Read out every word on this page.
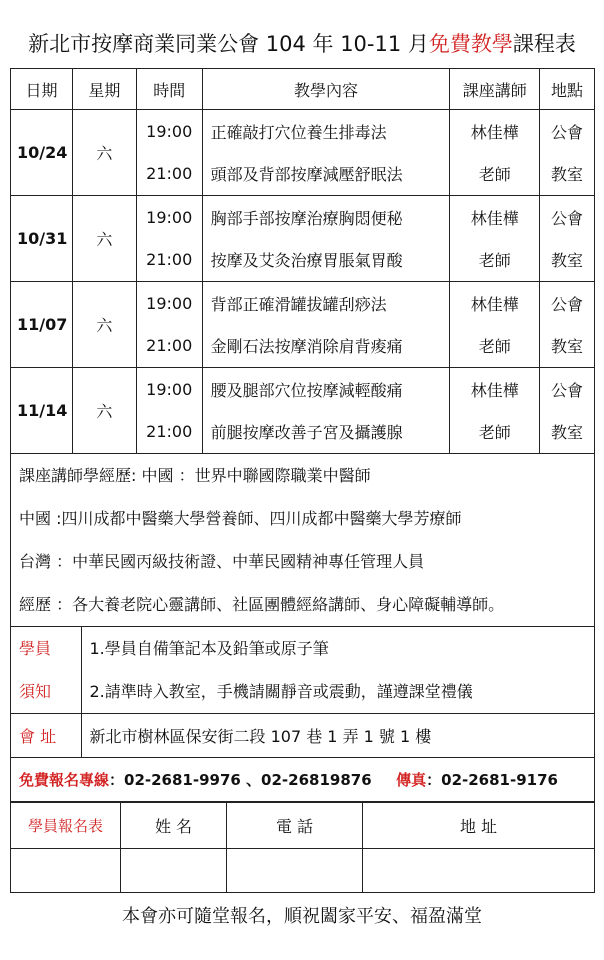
新北市按摩商業同業公會 104 年 10-11 月免費教學課程表
日期	星期	時間	教學內容	課座講師	地點
10/24	六	19:00	正確敲打穴位養生排毒法	林佳樺	公會
21:00	頭部及背部按摩減壓舒眠法	老師	教室
10/31	六	19:00	胸部手部按摩治療胸悶便秘	林佳樺	公會
21:00	按摩及艾灸治療胃脹氣胃酸	老師	教室
11/07	六	19:00	背部正確滑罐拔罐刮痧法	林佳樺	公會
21:00	金剛石法按摩消除肩背痠痛	老師	教室
11/14	六	19:00	腰及腿部穴位按摩減輕酸痛	林佳樺	公會
21:00	前腿按摩改善子宮及攝護腺	老師	教室

課座講師學經歷: 中國 ：世界中聯國際職業中醫師
中國 :四川成都中醫藥大學營養師、四川成都中醫藥大學芳療師
台灣 ：中華民國丙級技術證、中華民國精神專任管理人員
經歷 ：各大養老院心靈講師、社區團體經絡講師、身心障礙輔導師。

學員
須知

1.學員自備筆記本及鉛筆或原子筆
2.請準時入教室，手機請關靜音或震動，謹遵課堂禮儀

會 址	新北市樹林區保安街二段 107 巷 1 弄 1 號 1 樓

免費報名專線：02-2681-9976 、02-26819876 傳真：02-2681-9176
學員報名表	姓 名	電 話	地 址

本會亦可隨堂報名，順祝闔家平安、福盈滿堂
